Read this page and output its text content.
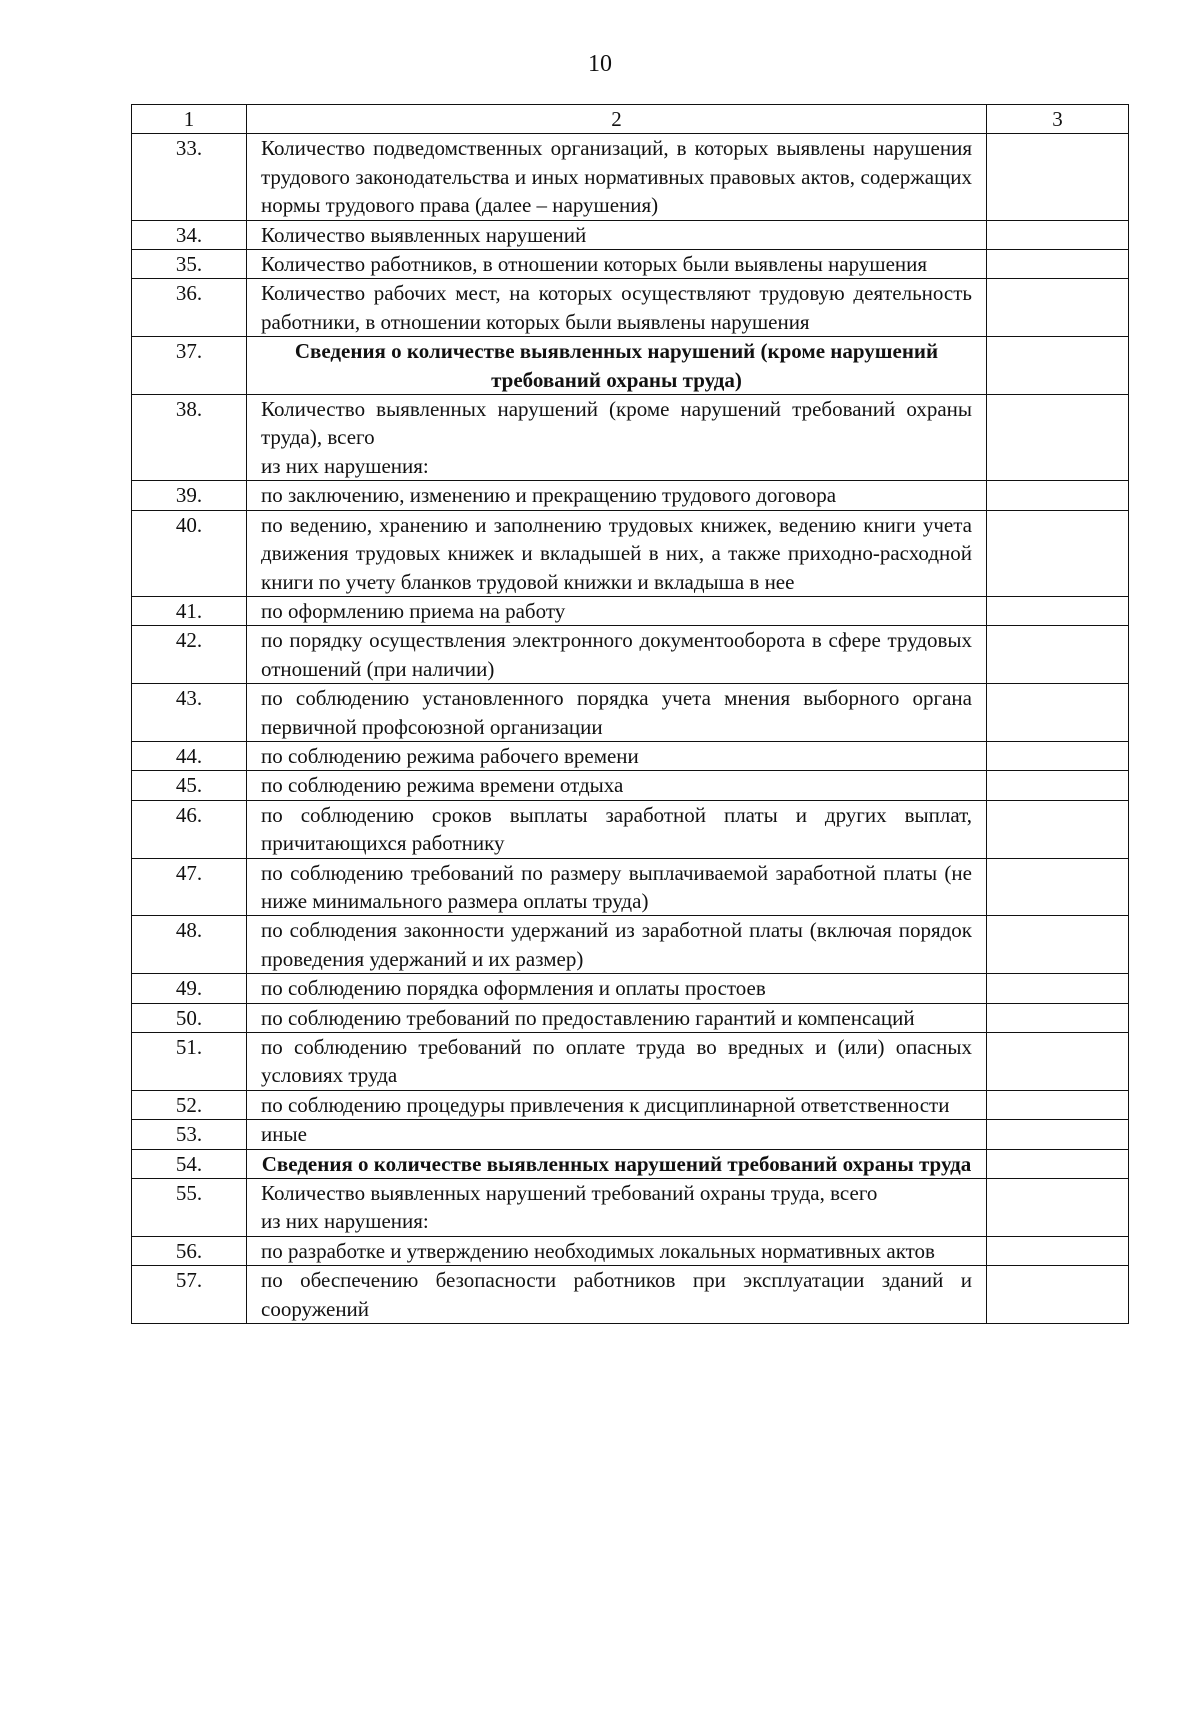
10
1	2	3
33.	Количество подведомственных организаций, в которых выявлены нарушения трудового законодательства и иных нормативных правовых актов, содержащих нормы трудового права (далее – нарушения)	

34.	Количество выявленных нарушений	

35.	Количество работников, в отношении которых были выявлены нарушения	

36.	Количество рабочих мест, на которых осуществляют трудовую деятельность работники, в отношении которых были выявлены нарушения	

37.	Сведения о количестве выявленных нарушений (кроме нарушений требований охраны труда)	

38.	Количество выявленных нарушений (кроме нарушений требований охраны труда), всего
из них нарушения:	

39.	по заключению, изменению и прекращению трудового договора	

40.	по ведению, хранению и заполнению трудовых книжек, ведению книги учета движения трудовых книжек и вкладышей в них, а также приходно-расходной книги по учету бланков трудовой книжки и вкладыша в нее	

41.	по оформлению приема на работу	

42.	по порядку осуществления электронного документооборота в сфере трудовых отношений (при наличии)	

43.	по соблюдению установленного порядка учета мнения выборного органа первичной профсоюзной организации	

44.	по соблюдению режима рабочего времени	

45.	по соблюдению режима времени отдыха	

46.	по соблюдению сроков выплаты заработной платы и других выплат, причитающихся работнику	

47.	по соблюдению требований по размеру выплачиваемой заработной платы (не ниже минимального размера оплаты труда)	

48.	по соблюдения законности удержаний из заработной платы (включая порядок проведения удержаний и их размер)	

49.	по соблюдению порядка оформления и оплаты простоев	

50.	по соблюдению требований по предоставлению гарантий и компенсаций	

51.	по соблюдению требований по оплате труда во вредных и (или) опасных условиях труда	

52.	по соблюдению процедуры привлечения к дисциплинарной ответственности	

53.	иные	

54.	Сведения о количестве выявленных нарушений требований охраны труда	

55.	Количество выявленных нарушений требований охраны труда, всего
из них нарушения:	

56.	по разработке и утверждению необходимых локальных нормативных актов	

57.	по обеспечению безопасности работников при эксплуатации зданий и сооружений	
